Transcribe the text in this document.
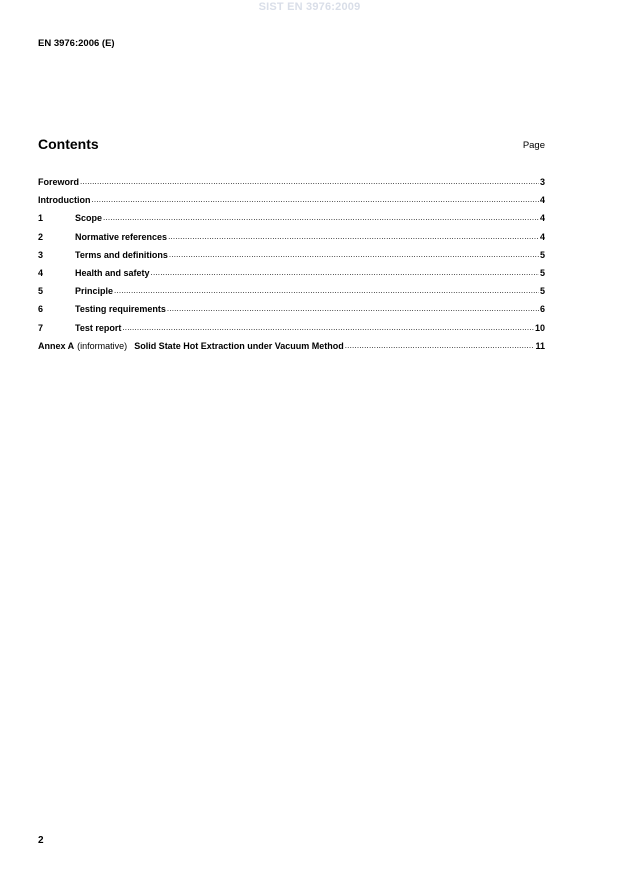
SIST EN 3976:2009
EN 3976:2006 (E)
Contents	Page
Foreword .....	3
Introduction .....	4
1	Scope .....	4
2	Normative references .....	4
3	Terms and definitions .....	5
4	Health and safety .....	5
5	Principle .....	5
6	Testing requirements .....	6
7	Test report .....	10
Annex A (informative) Solid State Hot Extraction under Vacuum Method .....	11
2
